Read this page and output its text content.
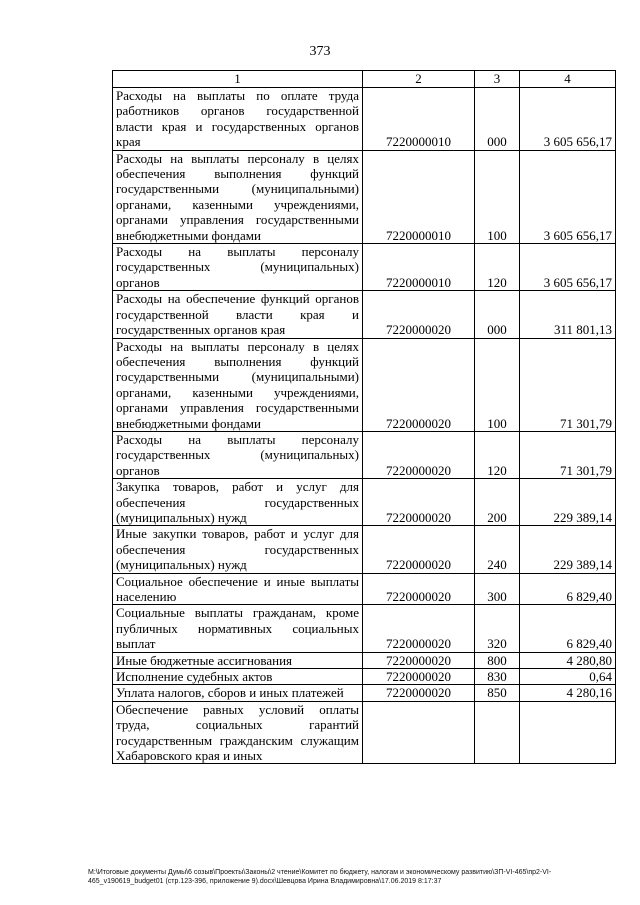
373
1	2	3	4
Расходы на выплаты по оплате труда работников органов государственной власти края и государственных органов края	7220000010	000	3 605 656,17
Расходы на выплаты персоналу в целях обеспечения выполнения функций государственными (муниципальными) органами, казенными учреждениями, органами управления государственными внебюджетными фондами	7220000010	100	3 605 656,17
Расходы на выплаты персоналу государственных (муниципальных) органов	7220000010	120	3 605 656,17
Расходы на обеспечение функций органов государственной власти края и государственных органов края	7220000020	000	311 801,13
Расходы на выплаты персоналу в целях обеспечения выполнения функций государственными (муниципальными) органами, казенными учреждениями, органами управления государственными внебюджетными фондами	7220000020	100	71 301,79
Расходы на выплаты персоналу государственных (муниципальных) органов	7220000020	120	71 301,79
Закупка товаров, работ и услуг для обеспечения государственных (муниципальных) нужд	7220000020	200	229 389,14
Иные закупки товаров, работ и услуг для обеспечения государственных (муниципальных) нужд	7220000020	240	229 389,14
Социальное обеспечение и иные выплаты населению	7220000020	300	6 829,40
Социальные выплаты гражданам, кроме публичных нормативных социальных выплат	7220000020	320	6 829,40
Иные бюджетные ассигнования	7220000020	800	4 280,80
Исполнение судебных актов	7220000020	830	0,64
Уплата налогов, сборов и иных платежей	7220000020	850	4 280,16
Обеспечение равных условий оплаты труда, социальных гарантий государственным гражданским служащим Хабаровского края и иных			
M:\Итоговые документы Думы\6 созыв\Проекты\Законы\2 чтение\Комитет по бюджету, налогам и экономическому развитию\ЗП-VI-465\пр2-VI-465_v190619_budget01 (стр.123-396, приложение 9).docx\Шевцова Ирина Владимировна\17.06.2019 8:17:37
